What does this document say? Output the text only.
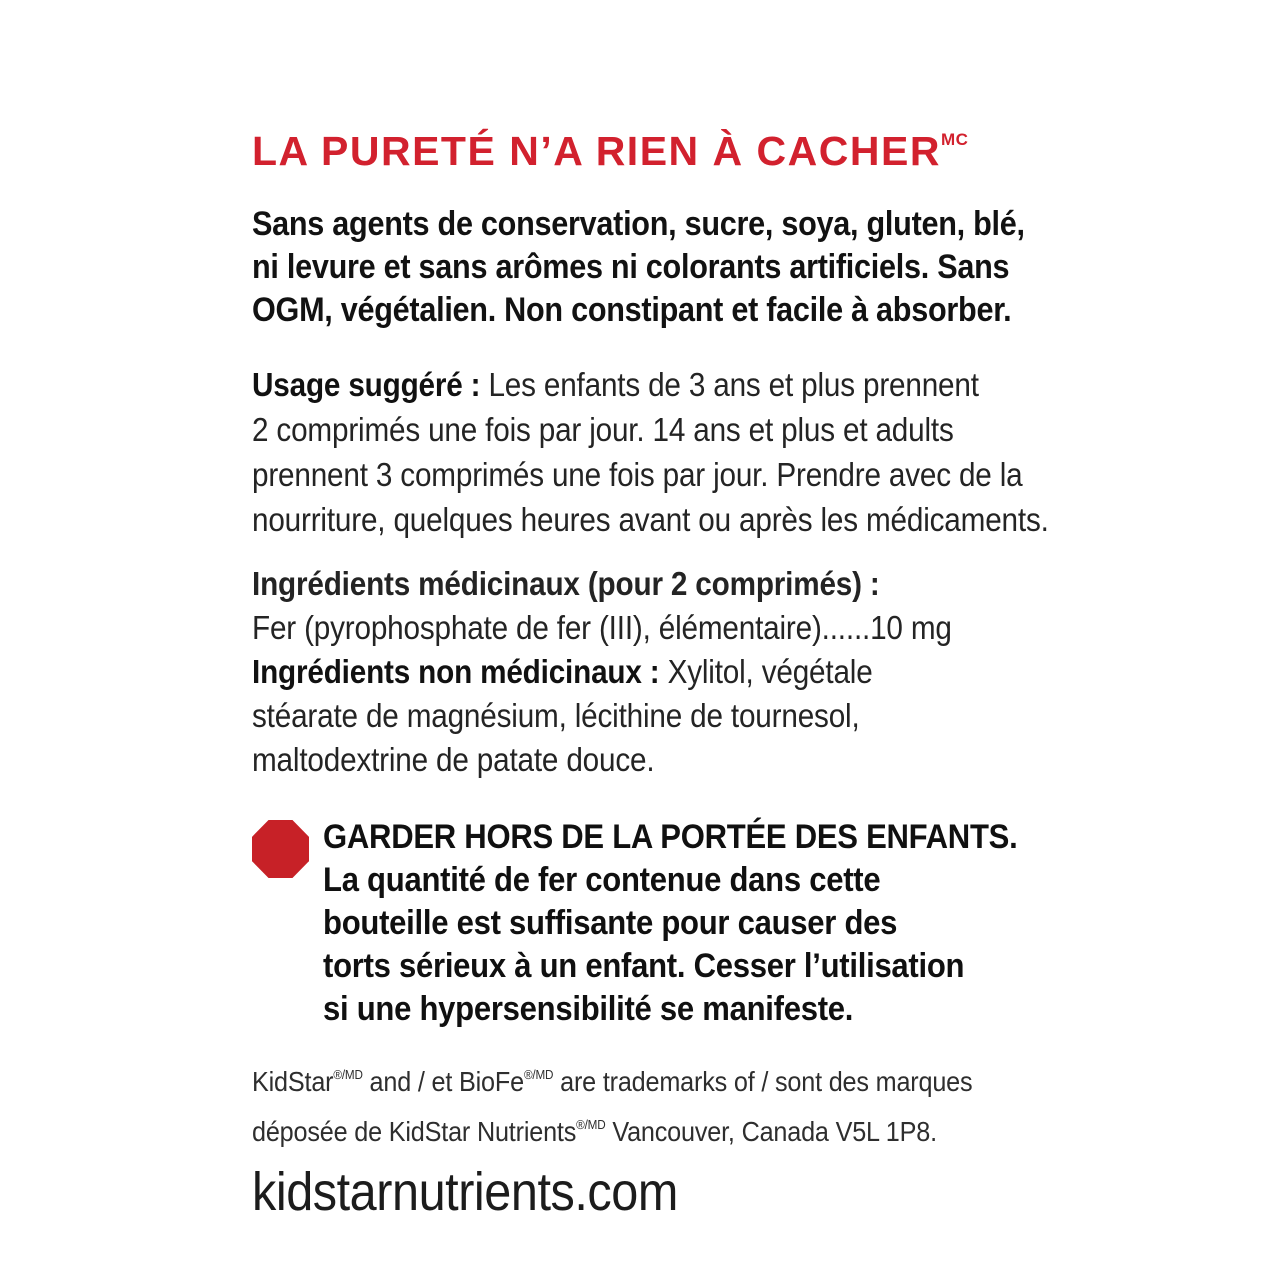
LA PURETÉ N’A RIEN À $CACHER^{MC}$
Sans agents de conservation, sucre, soya, gluten, blé,
ni levure et sans arômes ni colorants artificiels. Sans
OGM, végétalien. Non constipant et facile à absorber.
Usage suggéré : Les enfants de 3 ans et plus prennent
2 comprimés une fois par jour. 14 ans et plus et adults
prennent 3 comprimés une fois par jour. Prendre avec de la
nourriture, quelques heures avant ou après les médicaments.
Ingrédients médicinaux (pour 2 comprimés) :
Fer (pyrophosphate de fer (III), élémentaire)......10 mg
Ingrédients non médicinaux : Xylitol, végétale
stéarate de magnésium, lécithine de tournesol,
maltodextrine de patate douce.
GARDER HORS DE LA PORTÉE DES ENFANTS.
La quantité de fer contenue dans cette
bouteille est suffisante pour causer des
torts sérieux à un enfant. Cesser l’utilisation
si une hypersensibilité se manifeste.
KidStar$^{®/MD}$ and / et BioFe$^{®/MD}$ are trademarks of / sont des marques
déposée de KidStar Nutrients$^{®/MD}$ Vancouver, Canada V5L 1P8.
kidstarnutrients.com
